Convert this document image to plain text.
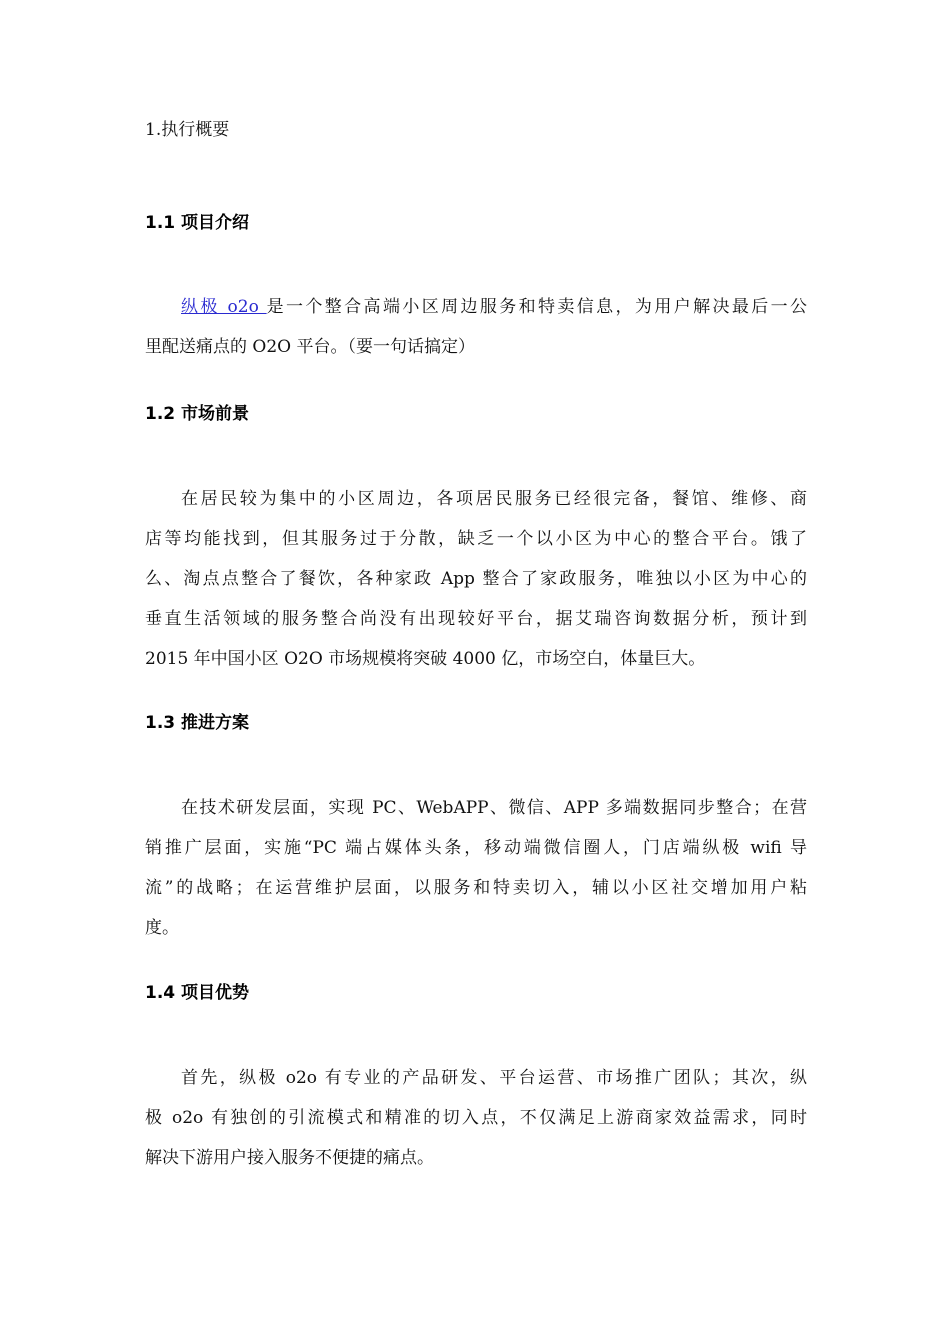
1.执行概要
1.1 项目介绍
纵极 o2o 是一个整合高端小区周边服务和特卖信息，为用户解决最后一公
里配送痛点的 O2O 平台。（要一句话搞定）
1.2 市场前景
在居民较为集中的小区周边，各项居民服务已经很完备，餐馆、维修、商
店等均能找到，但其服务过于分散，缺乏一个以小区为中心的整合平台。饿了
么、淘点点整合了餐饮，各种家政 App 整合了家政服务，唯独以小区为中心的
垂直生活领域的服务整合尚没有出现较好平台，据艾瑞咨询数据分析，预计到
2015 年中国小区 O2O 市场规模将突破 4000 亿，市场空白，体量巨大。
1.3 推进方案
在技术研发层面，实现 PC、WebAPP、微信、APP 多端数据同步整合；在营
销推广层面，实施“PC 端占媒体头条，移动端微信圈人，门店端纵极 wifi 导
流”的战略；在运营维护层面，以服务和特卖切入，辅以小区社交增加用户粘
度。
1.4 项目优势
首先，纵极 o2o 有专业的产品研发、平台运营、市场推广团队；其次，纵
极 o2o 有独创的引流模式和精准的切入点，不仅满足上游商家效益需求，同时
解决下游用户接入服务不便捷的痛点。
